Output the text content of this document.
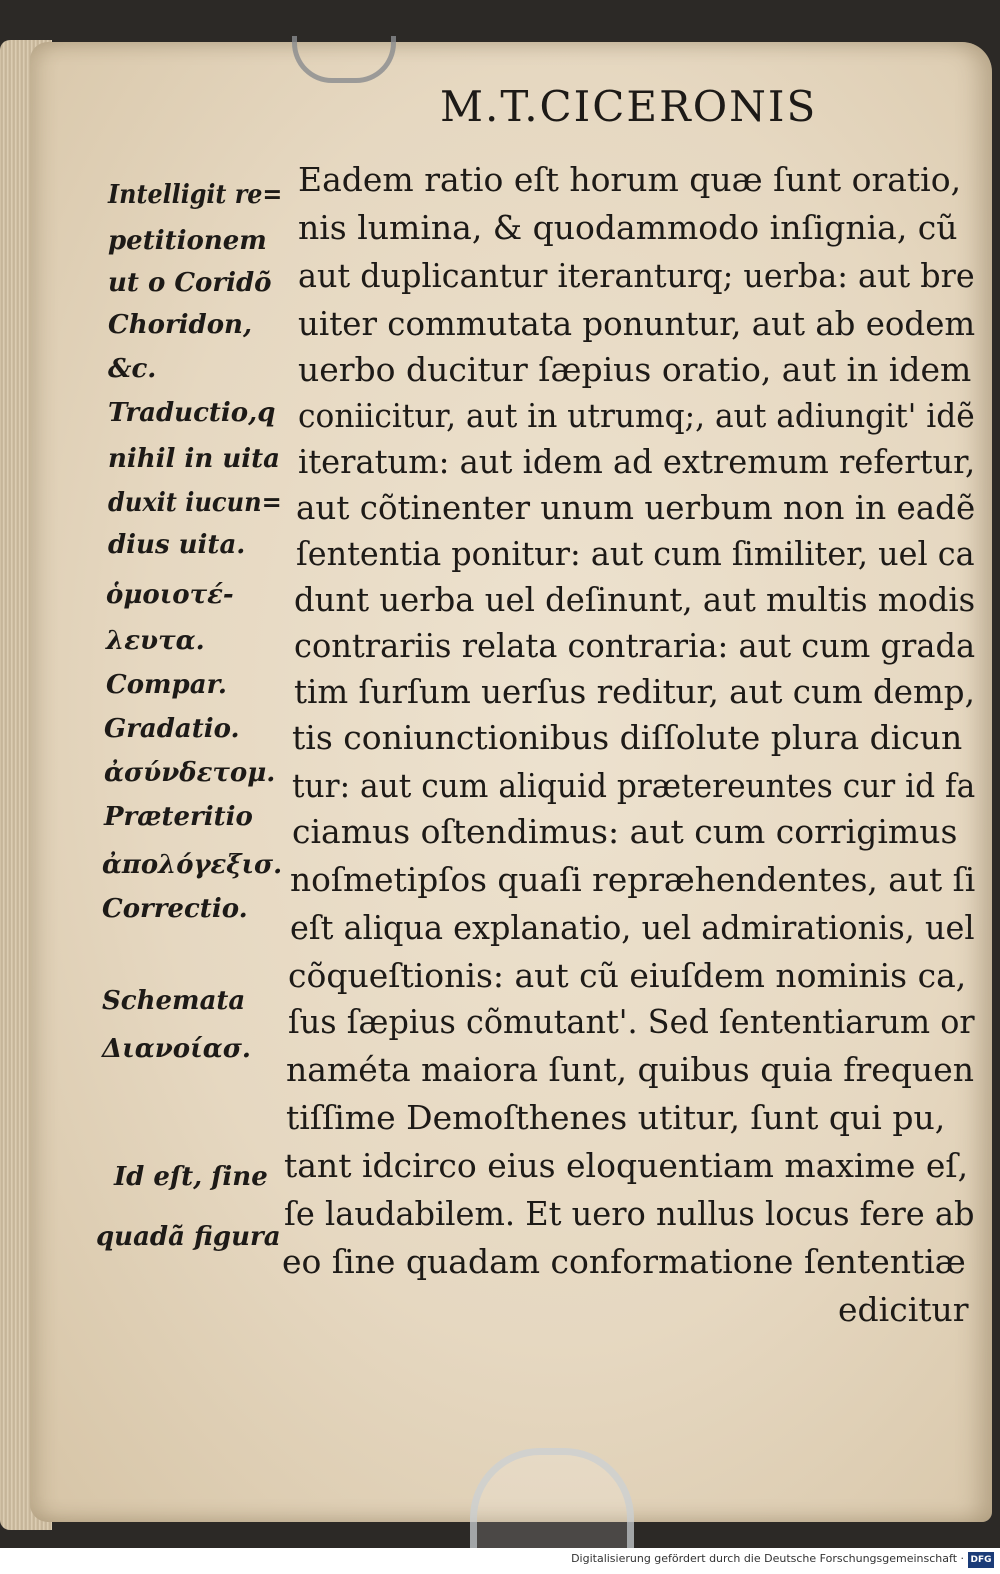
M.T.CICERONIS

Eadem ratio eſt horum quæ ſunt oratio,

nis lumina, & quodammodo inſignia, cũ

aut duplicantur iteranturq; uerba: aut bre

uiter commutata ponuntur, aut ab eodem

uerbo ducitur ſæpius oratio, aut in idem

coniicitur, aut in utrumq;, aut adiungit' idẽ

iteratum: aut idem ad extremum refertur,

aut cõtinenter unum uerbum non in eadẽ

ſententia ponitur: aut cum ſimiliter, uel ca

dunt uerba uel deſinunt, aut multis modis

contrariis relata contraria: aut cum grada

tim ſurſum uerſus reditur, aut cum demp,

tis coniunctionibus diſſolute plura dicun

tur: aut cum aliquid prætereuntes cur id fa

ciamus oſtendimus: aut cum corrigimus

noſmetipſos quaſi repræhendentes, aut ſi

eſt aliqua explanatio, uel admirationis, uel

cõqueſtionis: aut cũ eiuſdem nominis ca,

ſus ſæpius cõmutant'. Sed ſententiarum or

naméta maiora ſunt, quibus quia frequen

tiſſime Demoſthenes utitur, ſunt qui pu,

tant idcirco eius eloquentiam maxime eſ,

ſe laudabilem. Et uero nullus locus fere ab

eo ſine quadam conformatione ſententiæ

edicitur

Intelligit re=

petitionem

ut o Coridõ

Choridon,

&c.

Traductio,q

nihil in uita

duxit iucun=

dius uita.

ὁμοιοτέ-

λευτα.

Compar.

Gradatio.

ἀσύνδετομ.

Præteritio

ἀπολόγεξισ.

Correctio.

Schemata

Διανοίασ.

Id eſt, ſine

quadã figura

Digitalisierung gefördert durch die Deutsche Forschungsgemeinschaft · DFG
